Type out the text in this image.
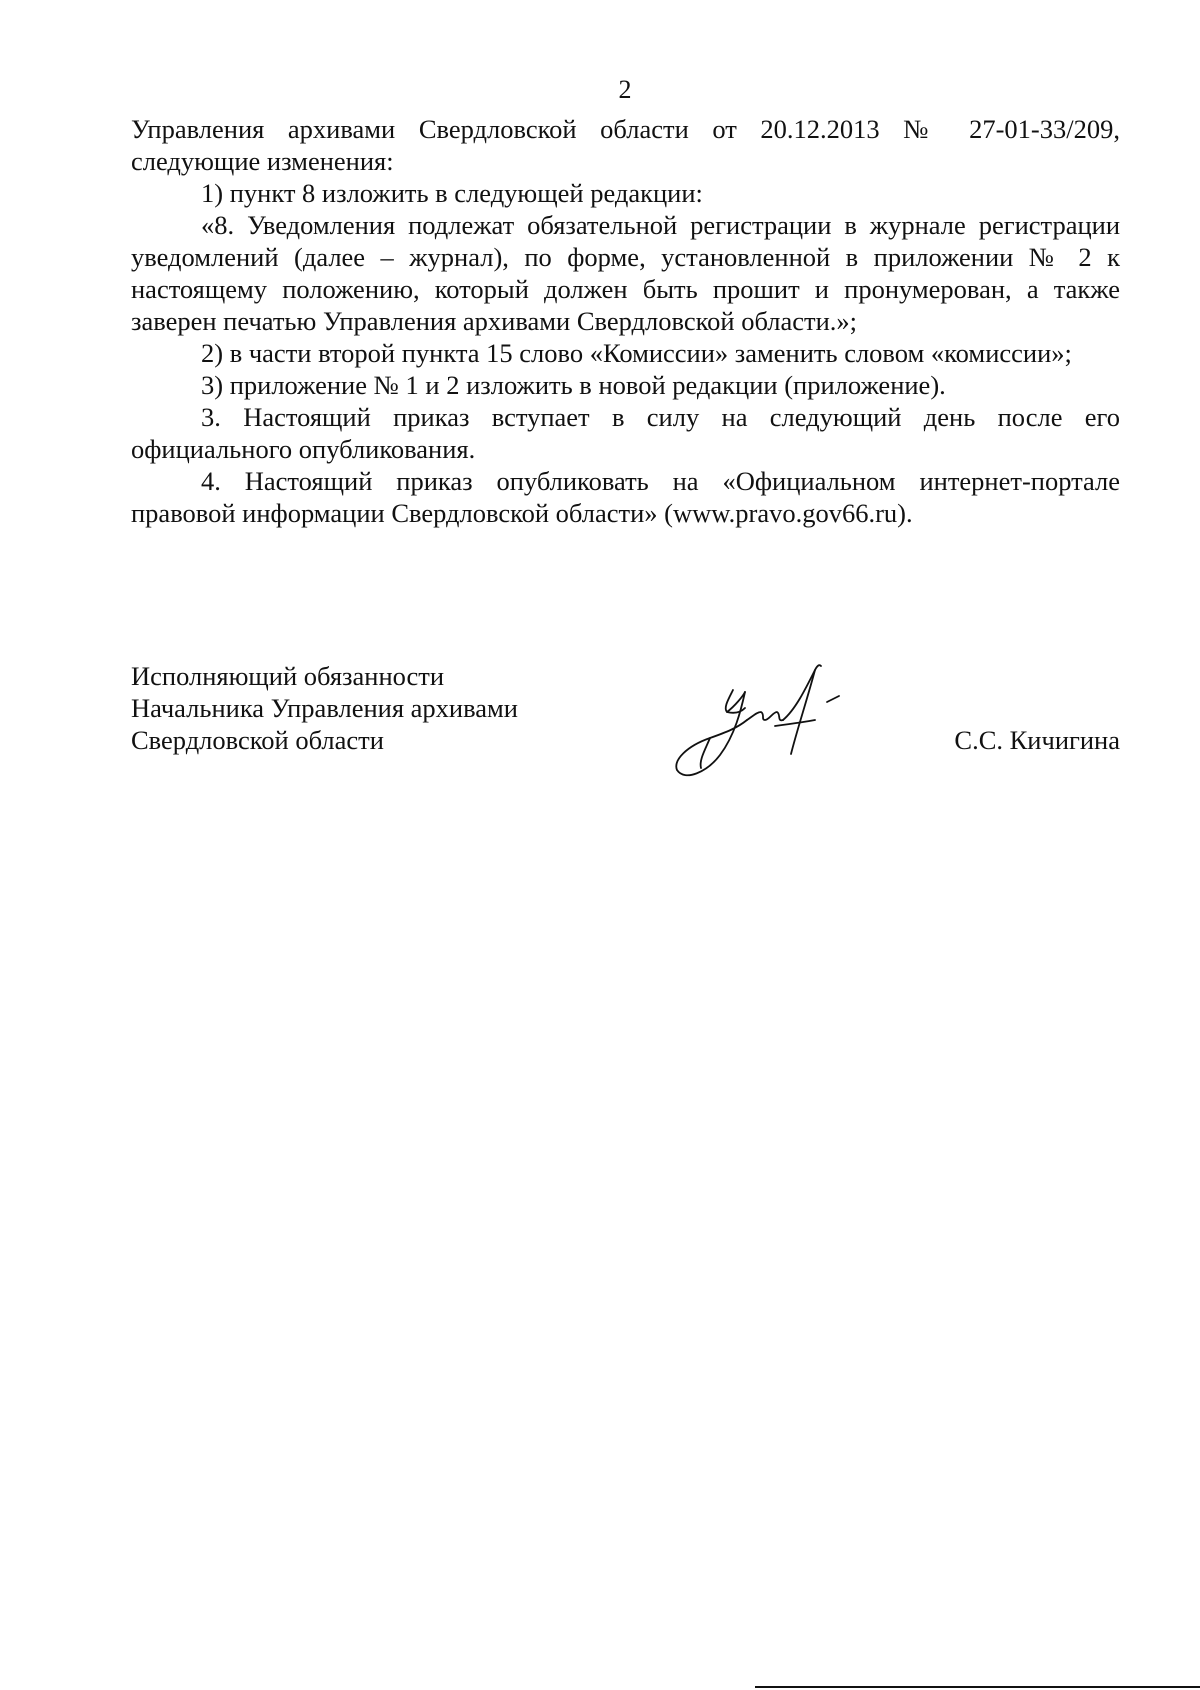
2

Управления архивами Свердловской области от 20.12.2013 № 27-01-33/209, следующие изменения:

1) пункт 8 изложить в следующей редакции:

«8. Уведомления подлежат обязательной регистрации в журнале регистрации уведомлений (далее – журнал), по форме, установленной в приложении № 2 к настоящему положению, который должен быть прошит и пронумерован, а также заверен печатью Управления архивами Свердловской области.»;

2) в части второй пункта 15 слово «Комиссии» заменить словом «комиссии»;

3) приложение № 1 и 2 изложить в новой редакции (приложение).

3. Настоящий приказ вступает в силу на следующий день после его официального опубликования.

4. Настоящий приказ опубликовать на «Официальном интернет-портале правовой информации Свердловской области» (www.pravo.gov66.ru).

Исполняющий обязанности
Начальника Управления архивами
Свердловской области	С.С. Кичигина
